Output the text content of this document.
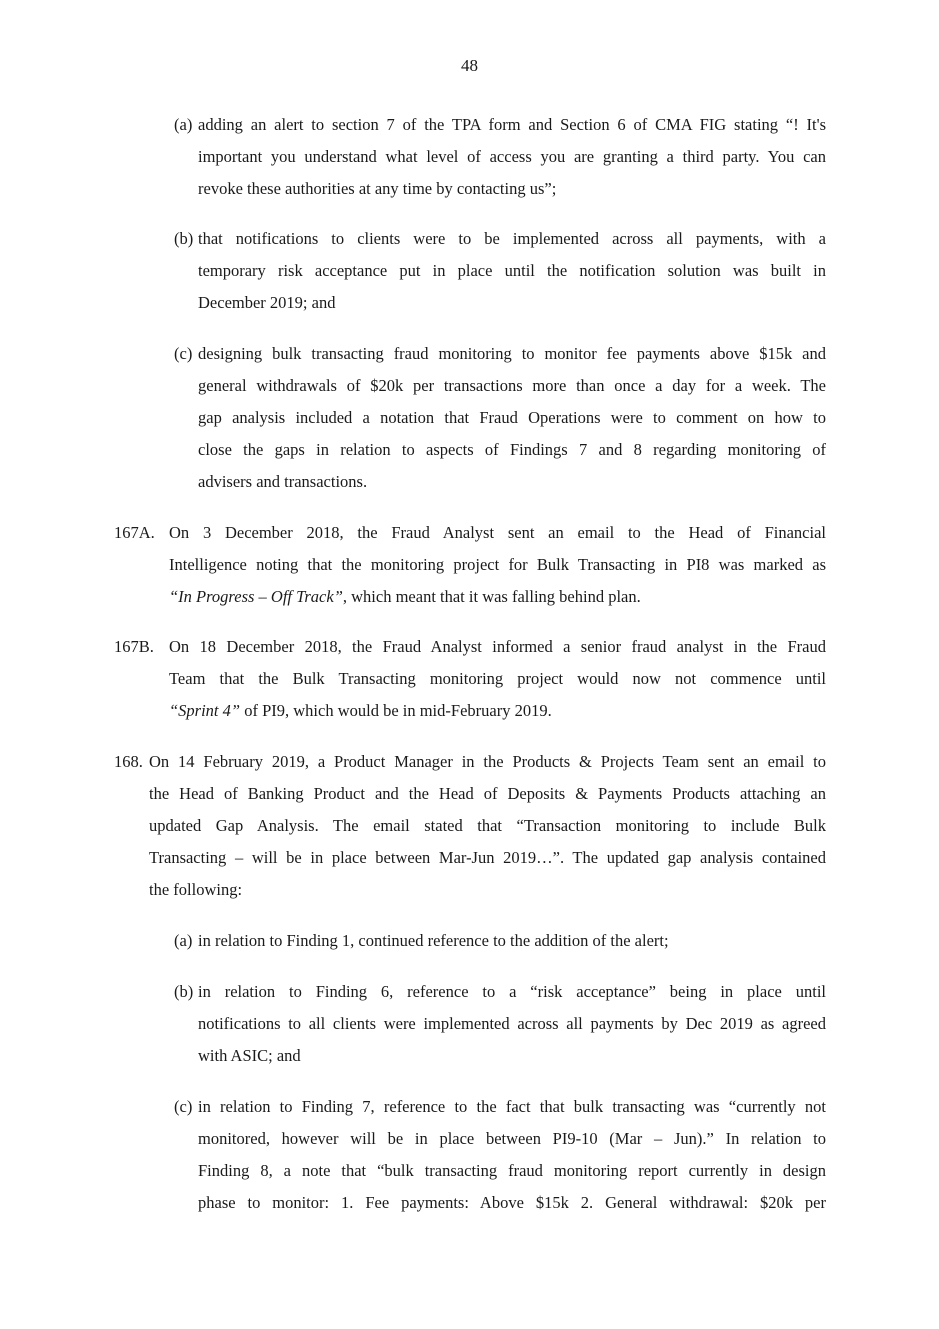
48
(a) adding an alert to section 7 of the TPA form and Section 6 of CMA FIG stating “! It's
important you understand what level of access you are granting a third party. You can
revoke these authorities at any time by contacting us”;
(b) that notifications to clients were to be implemented across all payments, with a
temporary risk acceptance put in place until the notification solution was built in
December 2019; and
(c) designing bulk transacting fraud monitoring to monitor fee payments above $15k and
general withdrawals of $20k per transactions more than once a day for a week. The
gap analysis included a notation that Fraud Operations were to comment on how to
close the gaps in relation to aspects of Findings 7 and 8 regarding monitoring of
advisers and transactions.
167A. On 3 December 2018, the Fraud Analyst sent an email to the Head of Financial
Intelligence noting that the monitoring project for Bulk Transacting in PI8 was marked as
“In Progress – Off Track”, which meant that it was falling behind plan.
167B. On 18 December 2018, the Fraud Analyst informed a senior fraud analyst in the Fraud
Team that the Bulk Transacting monitoring project would now not commence until
“Sprint 4” of PI9, which would be in mid-February 2019.
168. On 14 February 2019, a Product Manager in the Products & Projects Team sent an email to
the Head of Banking Product and the Head of Deposits & Payments Products attaching an
updated Gap Analysis. The email stated that “Transaction monitoring to include Bulk
Transacting – will be in place between Mar-Jun 2019…”. The updated gap analysis contained
the following:
(a) in relation to Finding 1, continued reference to the addition of the alert;
(b) in relation to Finding 6, reference to a “risk acceptance” being in place until
notifications to all clients were implemented across all payments by Dec 2019 as agreed
with ASIC; and
(c) in relation to Finding 7, reference to the fact that bulk transacting was “currently not
monitored, however will be in place between PI9-10 (Mar – Jun).” In relation to
Finding 8, a note that “bulk transacting fraud monitoring report currently in design
phase to monitor: 1. Fee payments: Above $15k 2. General withdrawal: $20k per
